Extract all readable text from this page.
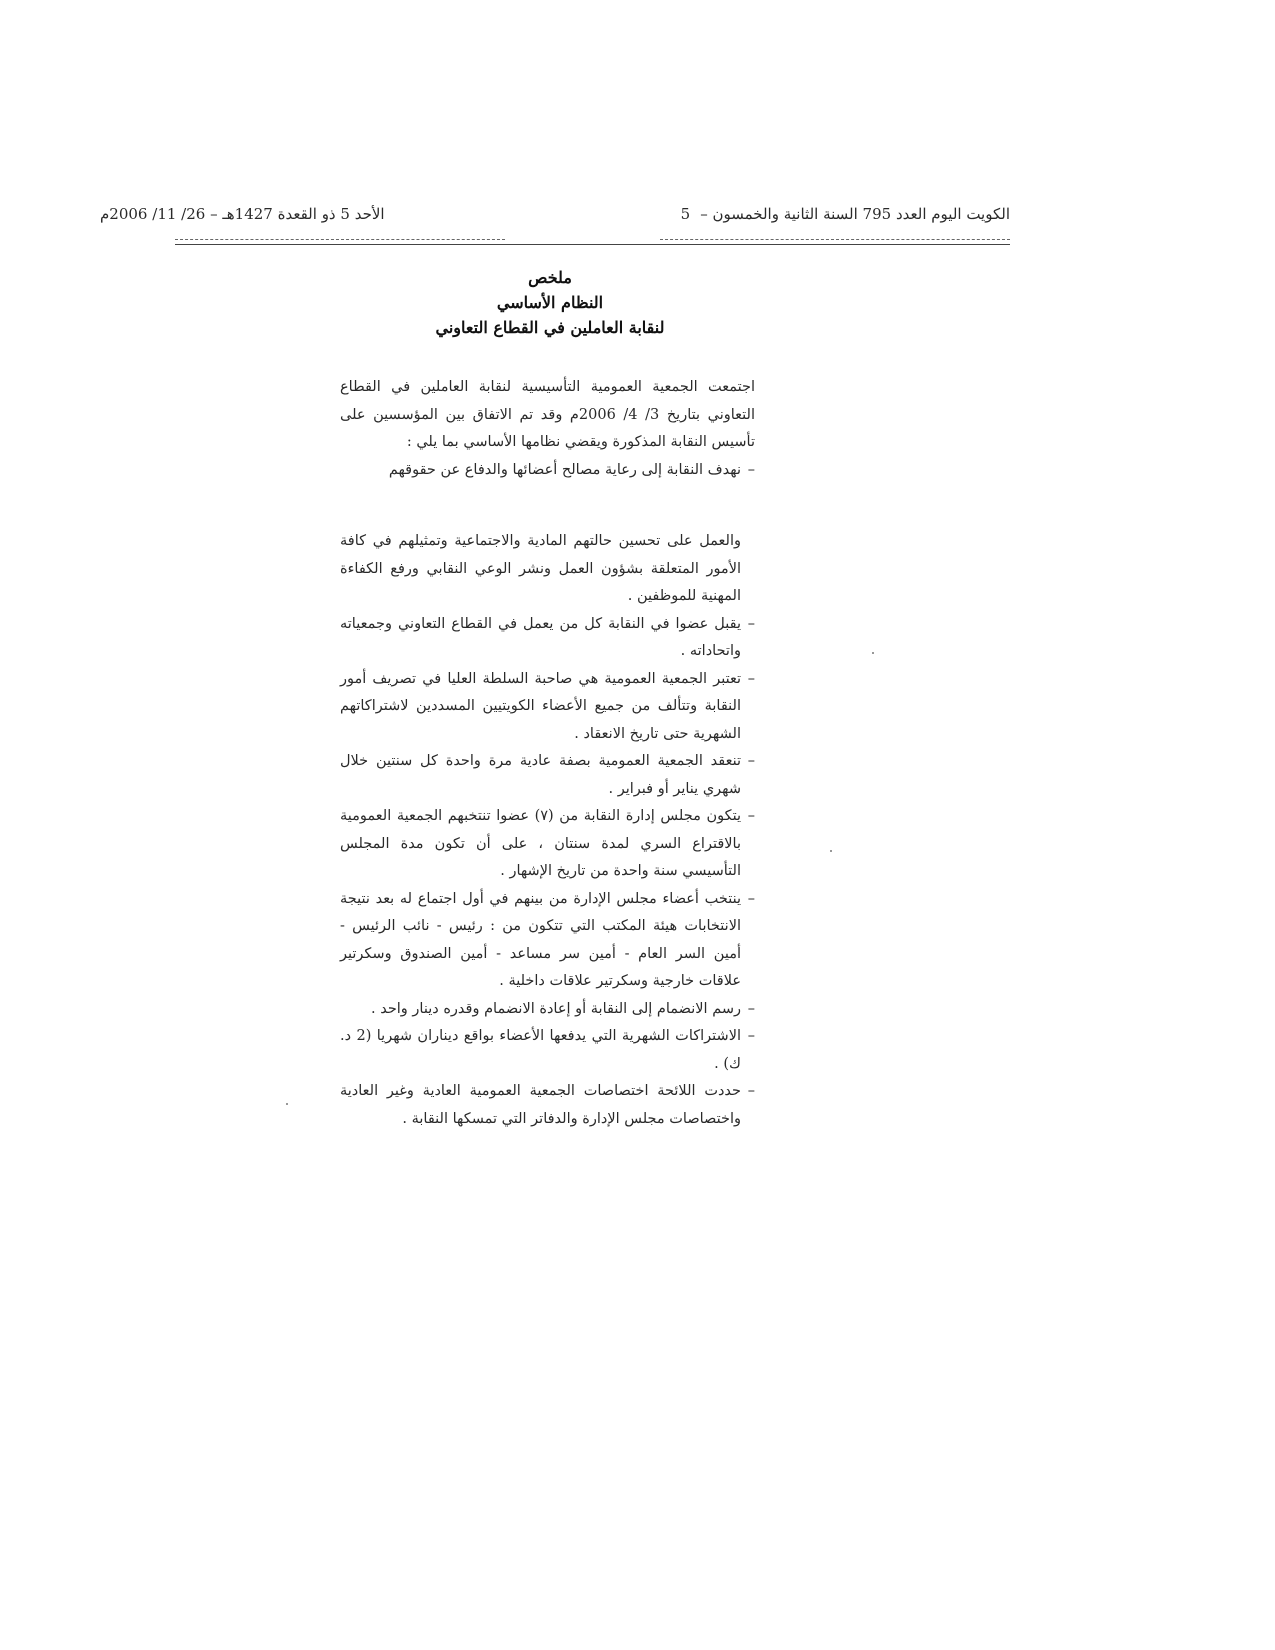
الكويت اليوم العدد 795 السنة الثانية والخمسون –
5
الأحد 5 ذو القعدة 1427هـ – 26/ 11/ 2006م
ملخص
النظام الأساسي
لنقابة العاملين في القطاع التعاوني

اجتمعت الجمعية العمومية التأسيسية لنقابة العاملين في القطاع التعاوني بتاريخ 3/ 4/ 2006م وقد تم الاتفاق بين المؤسسين على تأسيس النقابة المذكورة ويقضي نظامها الأساسي بما يلي :

– نهدف النقابة إلى رعاية مصالح أعضائها والدفاع عن حقوقهم

والعمل على تحسين حالتهم المادية والاجتماعية وتمثيلهم في كافة الأمور المتعلقة بشؤون العمل ونشر الوعي النقابي ورفع الكفاءة المهنية للموظفين .

– يقبل عضوا في النقابة كل من يعمل في القطاع التعاوني وجمعياته واتحاداته .

– تعتبر الجمعية العمومية هي صاحبة السلطة العليا في تصريف أمور النقابة وتتألف من جميع الأعضاء الكويتيين المسددين لاشتراكاتهم الشهرية حتى تاريخ الانعقاد .

– تنعقد الجمعية العمومية بصفة عادية مرة واحدة كل سنتين خلال شهري يناير أو فبراير .

– يتكون مجلس إدارة النقابة من (٧) عضوا تنتخبهم الجمعية العمومية بالاقتراع السري لمدة سنتان ، على أن تكون مدة المجلس التأسيسي سنة واحدة من تاريخ الإشهار .

– ينتخب أعضاء مجلس الإدارة من بينهم في أول اجتماع له بعد نتيجة الانتخابات هيئة المكتب التي تتكون من : رئيس - نائب الرئيس - أمين السر العام - أمين سر مساعد - أمين الصندوق وسكرتير علاقات خارجية وسكرتير علاقات داخلية .

– رسم الانضمام إلى النقابة أو إعادة الانضمام وقدره دينار واحد .

– الاشتراكات الشهرية التي يدفعها الأعضاء بواقع ديناران شهريا (2 د. ك) .

– حددت اللائحة اختصاصات الجمعية العمومية العادية وغير العادية واختصاصات مجلس الإدارة والدفاتر التي تمسكها النقابة .
